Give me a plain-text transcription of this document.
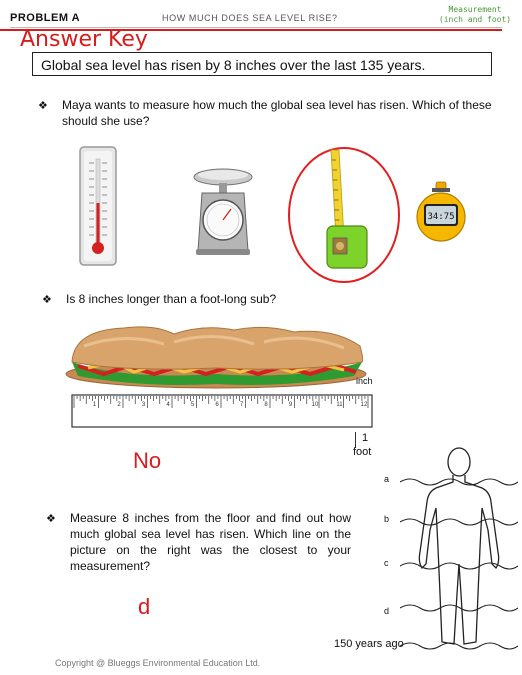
PROBLEM A	HOW MUCH DOES SEA LEVEL RISE?
Measurement
(inch and foot)
Answer Key
Global sea level has risen by 8 inches over the last 135 years.
❖ Maya wants to measure how much the global sea level has risen. Which of these should she use?
34:75
❖ Is 8 inches longer than a foot-long sub?
inch
1	2	3	4	5	6	7	8	9	10	11	12
1
foot
No
❖ Measure 8 inches from the floor and find out how much global sea level has risen. Which line on the picture on the right was the closest to your measurement?
d
a
b
c
d
150 years ago
Copyright @ Blueggs Environmental Education Ltd.
